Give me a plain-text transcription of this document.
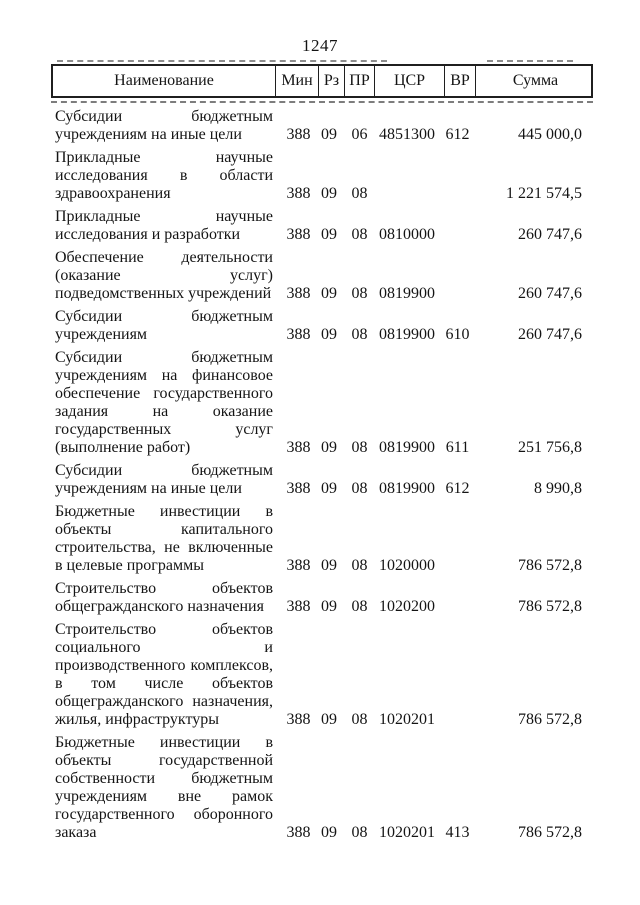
1247
Наименование	Мин Рз ПР	ЦСР	ВР	Сумма
Субсидии бюджетным учреждениям на иные цели	388 09 06 4851300 612	445 000,0
Прикладные научные исследования в области здравоохранения	388 09 08	1 221 574,5
Прикладные научные исследования и разработки	388 09 08 0810000	260 747,6
Обеспечение деятельности (оказание услуг) подведомственных учреждений 388 09 08 0819900	260 747,6
Субсидии бюджетным учреждениям	388 09 08 0819900 610	260 747,6
Субсидии бюджетным учреждениям на финансовое обеспечение государственного задания на оказание государственных услуг (выполнение работ)	388 09 08 0819900 611	251 756,8
Субсидии бюджетным учреждениям на иные цели	388 09 08 0819900 612	8 990,8
Бюджетные инвестиции в объекты капитального строительства, не включенные в целевые программы	388 09 08 1020000	786 572,8
Строительство объектов общегражданского назначения	388 09 08 1020200	786 572,8
Строительство объектов социального и производственного комплексов, в том числе объектов общегражданского назначения, жилья, инфраструктуры	388 09 08 1020201	786 572,8
Бюджетные инвестиции в объекты государственной собственности бюджетным учреждениям вне рамок государственного оборонного заказа	388 09 08 1020201 413	786 572,8
